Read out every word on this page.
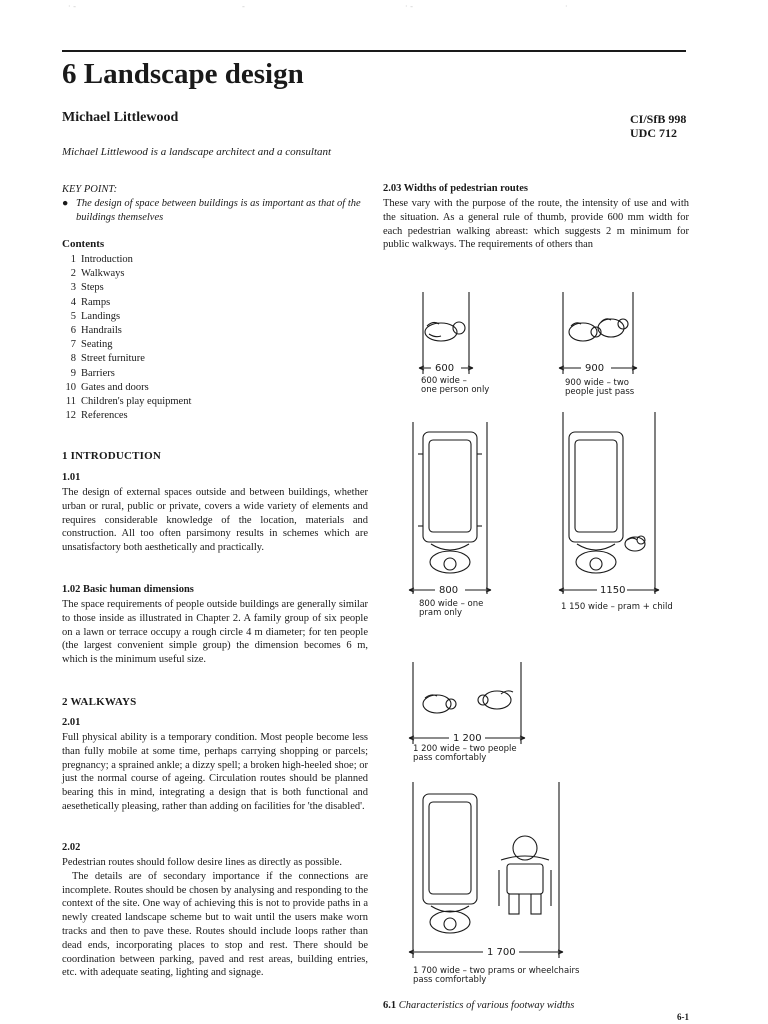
· -	-	· -	·
6 Landscape design
Michael Littlewood	CI/SfB 998
UDC 712
Michael Littlewood is a landscape architect and a consultant
KEY POINT:
● The design of space between buildings is as important as that of the buildings themselves
Contents
1 Introduction
2 Walkways
3 Steps
4 Ramps
5 Landings
6 Handrails
7 Seating
8 Street furniture
9 Barriers
10 Gates and doors
11 Children's play equipment
12 References
1 INTRODUCTION
1.01

The design of external spaces outside and between buildings, whether urban or rural, public or private, covers a wide variety of elements and requires considerable knowledge of the location, materials and construction. All too often parsimony results in schemes which are unsatisfactory both aesthetically and practically.

1.02 Basic human dimensions

The space requirements of people outside buildings are generally similar to those inside as illustrated in Chapter 2. A family group of six people on a lawn or terrace occupy a rough circle 4 m diameter; for ten people (the largest convenient simple group) the dimension becomes 6 m, which is the minimum useful size.

2 WALKWAYS
2.01

Full physical ability is a temporary condition. Most people become less than fully mobile at some time, perhaps carrying shopping or parcels; pregnancy; a sprained ankle; a dizzy spell; a broken high-heeled shoe; or just the normal course of ageing. Circulation routes should be planned bearing this in mind, integrating a design that is both functional and aesethetically pleasing, rather than adding on facilities for 'the disabled'.

2.02

Pedestrian routes should follow desire lines as directly as possible.

The details are of secondary importance if the connections are incomplete. Routes should be chosen by analysing and responding to the context of the site. One way of achieving this is not to provide paths in a newly created landscape scheme but to wait until the users make worn tracks and then to pave these. Routes should include loops rather than dead ends, incorporating places to stop and rest. There should be coordination between parking, paved and rest areas, building entries, etc. with adequate seating, lighting and signage.

2.03 Widths of pedestrian routes

These vary with the purpose of the route, the intensity of use and with the situation. As a general rule of thumb, provide 600 mm width for each pedestrian walking abreast: which suggests 2 m minimum for public walkways. The requirements of others than

600
600 wide –
one person only
900
900 wide – two
people just pass
800
800 wide – one
pram only
1150
1 150 wide – pram + child
1 200
1 200 wide – two people
pass comfortably
1 700
1 700 wide – two prams or wheelchairs
pass comfortably
6.1 Characteristics of various footway widths
6-1
